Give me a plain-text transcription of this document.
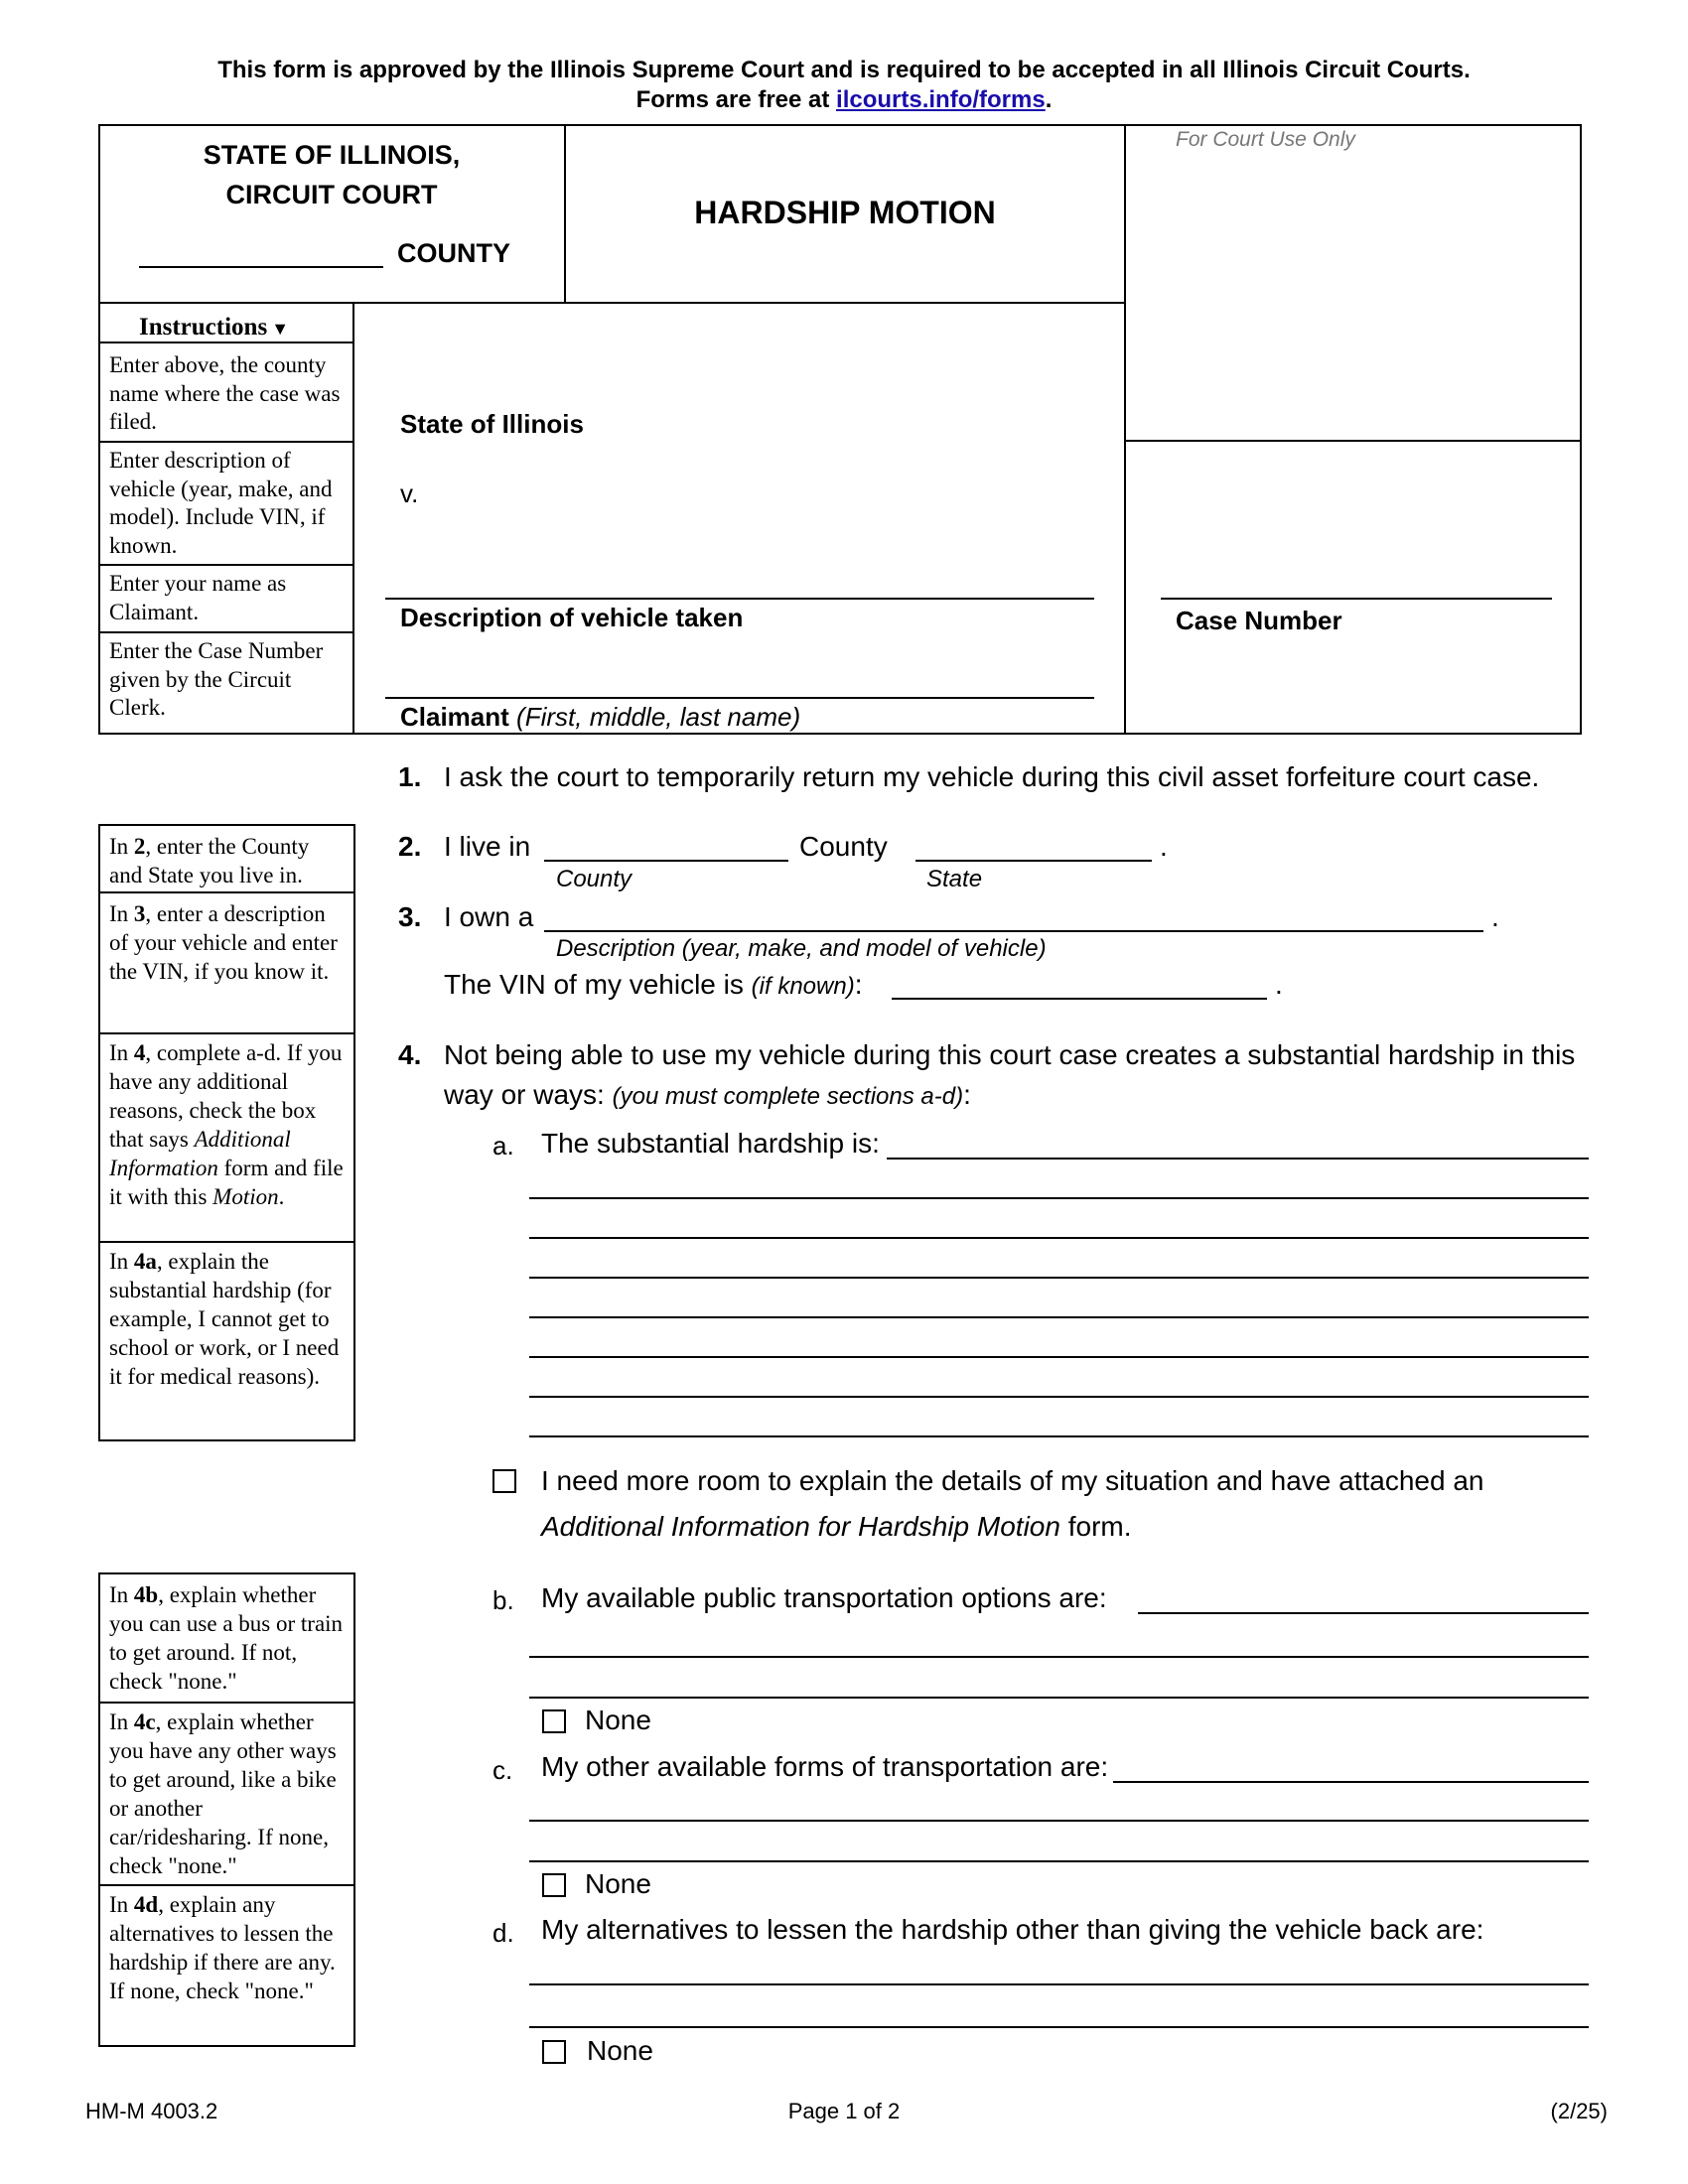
This form is approved by the Illinois Supreme Court and is required to be accepted in all Illinois Circuit Courts.
Forms are free at ilcourts.info/forms.
STATE OF ILLINOIS,
CIRCUIT COURT
COUNTY
HARDSHIP MOTION
For Court Use Only
Instructions ▼
Enter above, the county name where the case was filed.
Enter description of vehicle (year, make, and model). Include VIN, if known.
Enter your name as Claimant.
Enter the Case Number given by the Circuit Clerk.
State of Illinois
v.
Description of vehicle taken
Claimant (First, middle, last name)
Case Number
In 2, enter the County and State you live in.
In 3, enter a description of your vehicle and enter the VIN, if you know it.
In 4, complete a-d. If you have any additional reasons, check the box that says Additional Information form and file it with this Motion.
In 4a, explain the substantial hardship (for example, I cannot get to school or work, or I need it for medical reasons).
In 4b, explain whether you can use a bus or train to get around. If not, check "none."
In 4c, explain whether you have any other ways to get around, like a bike or another car/ridesharing. If none, check "none."
In 4d, explain any alternatives to lessen the hardship if there are any. If none, check "none."
1. I ask the court to temporarily return my vehicle during this civil asset forfeiture court case.
2. I live in	County	.
County	State
3. I own a	.
Description (year, make, and model of vehicle)
The VIN of my vehicle is (if known):	.
4. Not being able to use my vehicle during this court case creates a substantial hardship in this
way or ways: (you must complete sections a-d):
a. The substantial hardship is:
I need more room to explain the details of my situation and have attached an
Additional Information for Hardship Motion form.
b. My available public transportation options are:
None
c. My other available forms of transportation are:
None
d. My alternatives to lessen the hardship other than giving the vehicle back are:
None
HM-M 4003.2	Page 1 of 2	(2/25)
